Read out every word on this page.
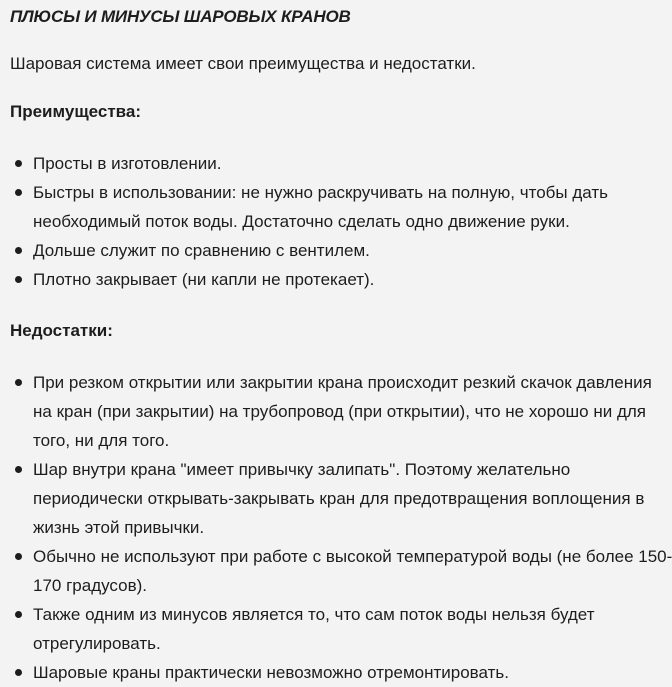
ПЛЮСЫ И МИНУСЫ ШАРОВЫХ КРАНОВ

Шаровая система имеет свои преимущества и недостатки.

Преимущества:
Просты в изготовлении.
Быстры в использовании: не нужно раскручивать на полную, чтобы дать необходимый поток воды. Достаточно сделать одно движение руки.
Дольше служит по сравнению с вентилем.
Плотно закрывает (ни капли не протекает).
Недостатки:
При резком открытии или закрытии крана происходит резкий скачок давления на кран (при закрытии) на трубопровод (при открытии), что не хорошо ни для того, ни для того.
Шар внутри крана "имеет привычку залипать". Поэтому желательно периодически открывать-закрывать кран для предотвращения воплощения в жизнь этой привычки.
Обычно не используют при работе с высокой температурой воды (не более 150-170 градусов).
Также одним из минусов является то, что сам поток воды нельзя будет отрегулировать.
Шаровые краны практически невозможно отремонтировать.
